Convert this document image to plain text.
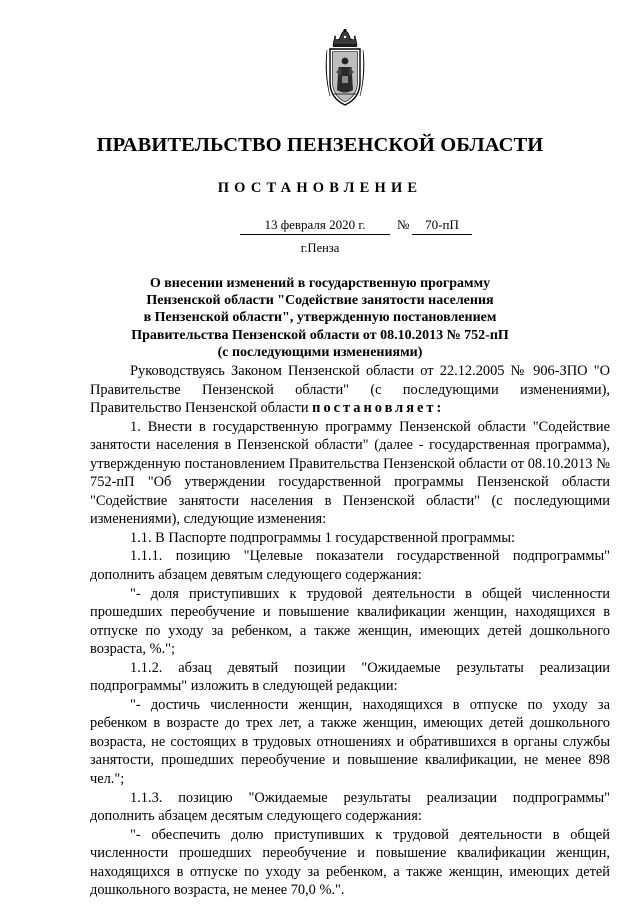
ПРАВИТЕЛЬСТВО ПЕНЗЕНСКОЙ ОБЛАСТИ
ПОСТАНОВЛЕНИЕ
13 февраля 2020 г.	№	70-пП
г.Пенза
О внесении изменений в государственную программу
Пензенской области "Содействие занятости населения
в Пензенской области", утвержденную постановлением
Правительства Пензенской области от 08.10.2013 № 752-пП
(с последующими изменениями)

Руководствуясь Законом Пензенской области от 22.12.2005 № 906-ЗПО "О Правительстве Пензенской области" (с последующими изменениями), Правительство Пензенской области постановляет:

1. Внести в государственную программу Пензенской области "Содействие занятости населения в Пензенской области" (далее - государственная программа), утвержденную постановлением Правительства Пензенской области от 08.10.2013 № 752-пП "Об утверждении государственной программы Пензенской области "Содействие занятости населения в Пензенской области" (с последующими изменениями), следующие изменения:

1.1. В Паспорте подпрограммы 1 государственной программы:

1.1.1. позицию "Целевые показатели государственной подпрограммы" дополнить абзацем девятым следующего содержания:

"- доля приступивших к трудовой деятельности в общей численности прошедших переобучение и повышение квалификации женщин, находящихся в отпуске по уходу за ребенком, а также женщин, имеющих детей дошкольного возраста, %.";

1.1.2. абзац девятый позиции "Ожидаемые результаты реализации подпрограммы" изложить в следующей редакции:

"- достичь численности женщин, находящихся в отпуске по уходу за ребенком в возрасте до трех лет, а также женщин, имеющих детей дошкольного возраста, не состоящих в трудовых отношениях и обратившихся в органы службы занятости, прошедших переобучение и повышение квалификации, не менее 898 чел.";

1.1.3. позицию "Ожидаемые результаты реализации подпрограммы" дополнить абзацем десятым следующего содержания:

"- обеспечить долю приступивших к трудовой деятельности в общей численности прошедших переобучение и повышение квалификации женщин, находящихся в отпуске по уходу за ребенком, а также женщин, имеющих детей дошкольного возраста, не менее 70,0 %.".
